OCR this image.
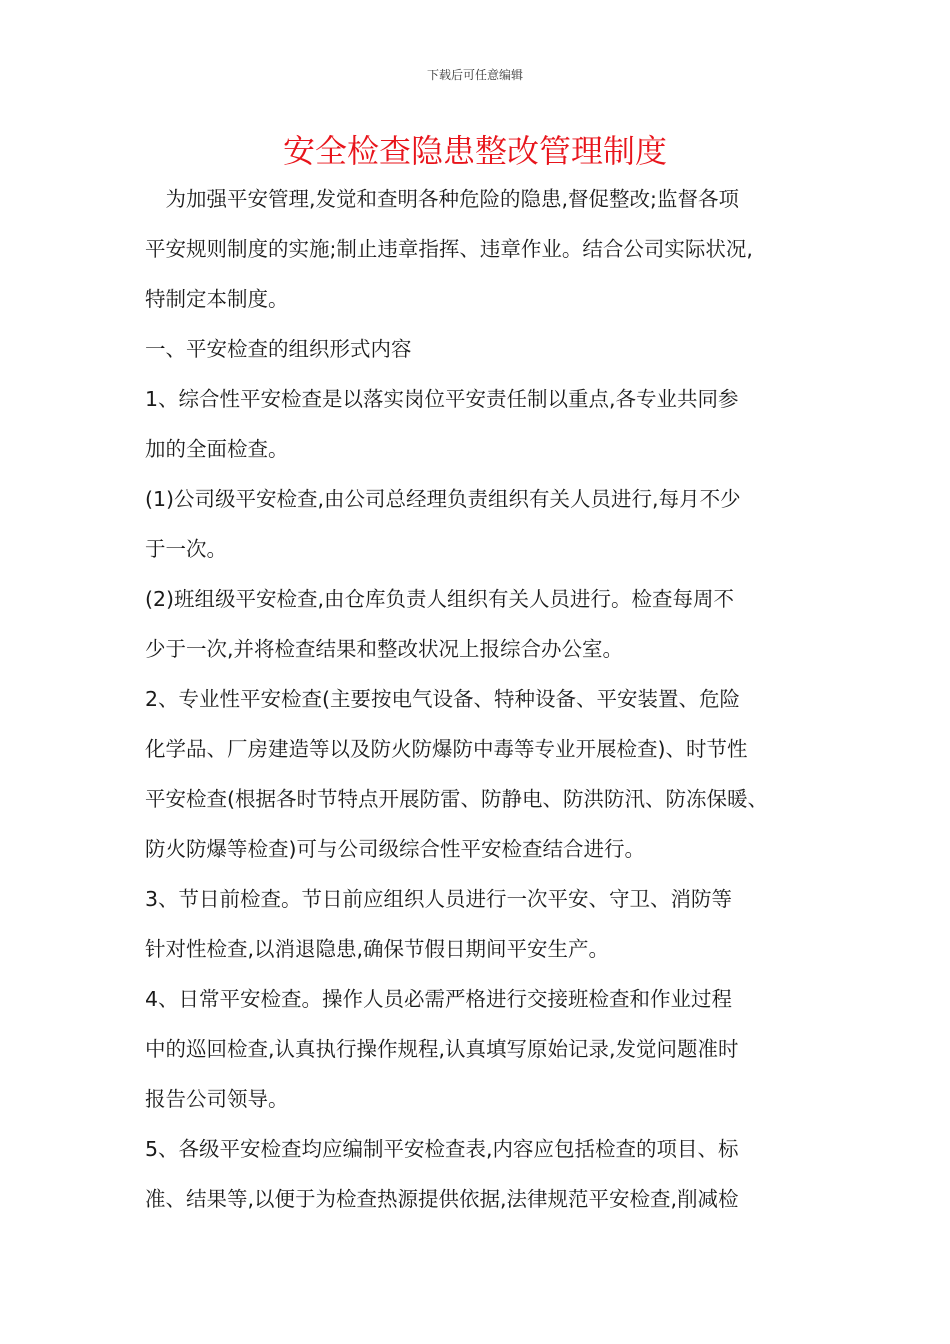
下载后可任意编辑
安全检查隐患整改管理制度
　为加强平安管理,发觉和查明各种危险的隐患,督促整改;监督各项
平安规则制度的实施;制止违章指挥、违章作业。结合公司实际状况,
特制定本制度。
一、平安检查的组织形式内容
1、综合性平安检查是以落实岗位平安责任制以重点,各专业共同参
加的全面检查。
(1)公司级平安检查,由公司总经理负责组织有关人员进行,每月不少
于一次。
(2)班组级平安检查,由仓库负责人组织有关人员进行。检查每周不
少于一次,并将检查结果和整改状况上报综合办公室。
2、专业性平安检查(主要按电气设备、特种设备、平安装置、危险
化学品、厂房建造等以及防火防爆防中毒等专业开展检查)、时节性
平安检查(根据各时节特点开展防雷、防静电、防洪防汛、防冻保暖、
防火防爆等检查)可与公司级综合性平安检查结合进行。
3、节日前检查。节日前应组织人员进行一次平安、守卫、消防等
针对性检查,以消退隐患,确保节假日期间平安生产。
4、日常平安检查。操作人员必需严格进行交接班检查和作业过程
中的巡回检查,认真执行操作规程,认真填写原始记录,发觉问题准时
报告公司领导。
5、各级平安检查均应编制平安检查表,内容应包括检查的项目、标
准、结果等,以便于为检查热源提供依据,法律规范平安检查,削减检
